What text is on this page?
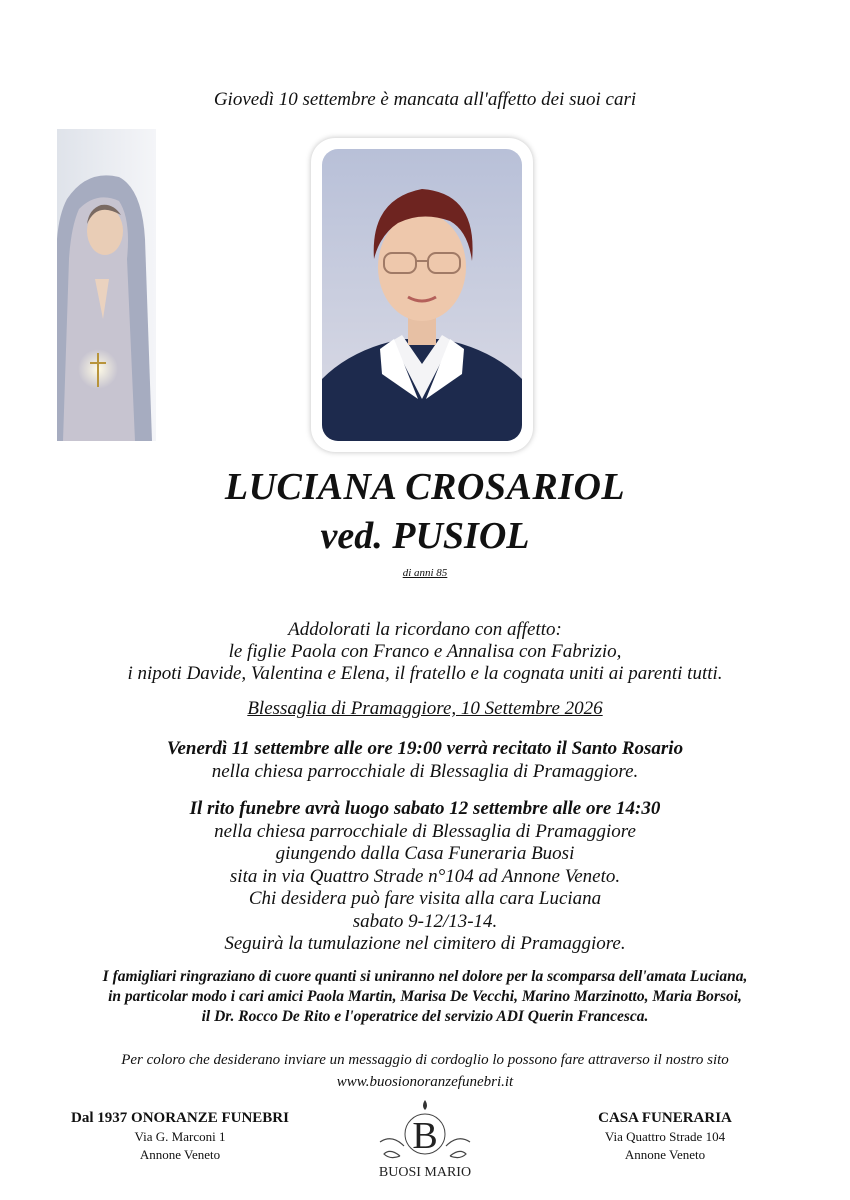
Giovedì 10 settembre è mancata all'affetto dei suoi cari
LUCIANA CROSARIOL
ved. PUSIOL
di anni 85
Addolorati la ricordano con affetto:
le figlie Paola con Franco e Annalisa con Fabrizio,
i nipoti Davide, Valentina e Elena, il fratello e la cognata uniti ai parenti tutti.
Blessaglia di Pramaggiore, 10 Settembre 2026
Venerdì 11 settembre alle ore 19:00 verrà recitato il Santo Rosario
nella chiesa parrocchiale di Blessaglia di Pramaggiore.
Il rito funebre avrà luogo sabato 12 settembre alle ore 14:30
nella chiesa parrocchiale di Blessaglia di Pramaggiore
giungendo dalla Casa Funeraria Buosi
sita in via Quattro Strade n°104 ad Annone Veneto.
Chi desidera può fare visita alla cara Luciana
sabato 9-12/13-14.
Seguirà la tumulazione nel cimitero di Pramaggiore.
I famigliari ringraziano di cuore quanti si uniranno nel dolore per la scomparsa dell'amata Luciana,
in particolar modo i cari amici Paola Martin, Marisa De Vecchi, Marino Marzinotto, Maria Borsoi,
il Dr. Rocco De Rito e l'operatrice del servizio ADI Querin Francesca.
Per coloro che desiderano inviare un messaggio di cordoglio lo possono fare attraverso il nostro sito
www.buosionoranzefunebri.it
Dal 1937 ONORANZE FUNEBRI
Via G. Marconi 1
Annone Veneto	B
BUOSI MARIO
CASA FUNERARIA
Via Quattro Strade 104
Annone Veneto
